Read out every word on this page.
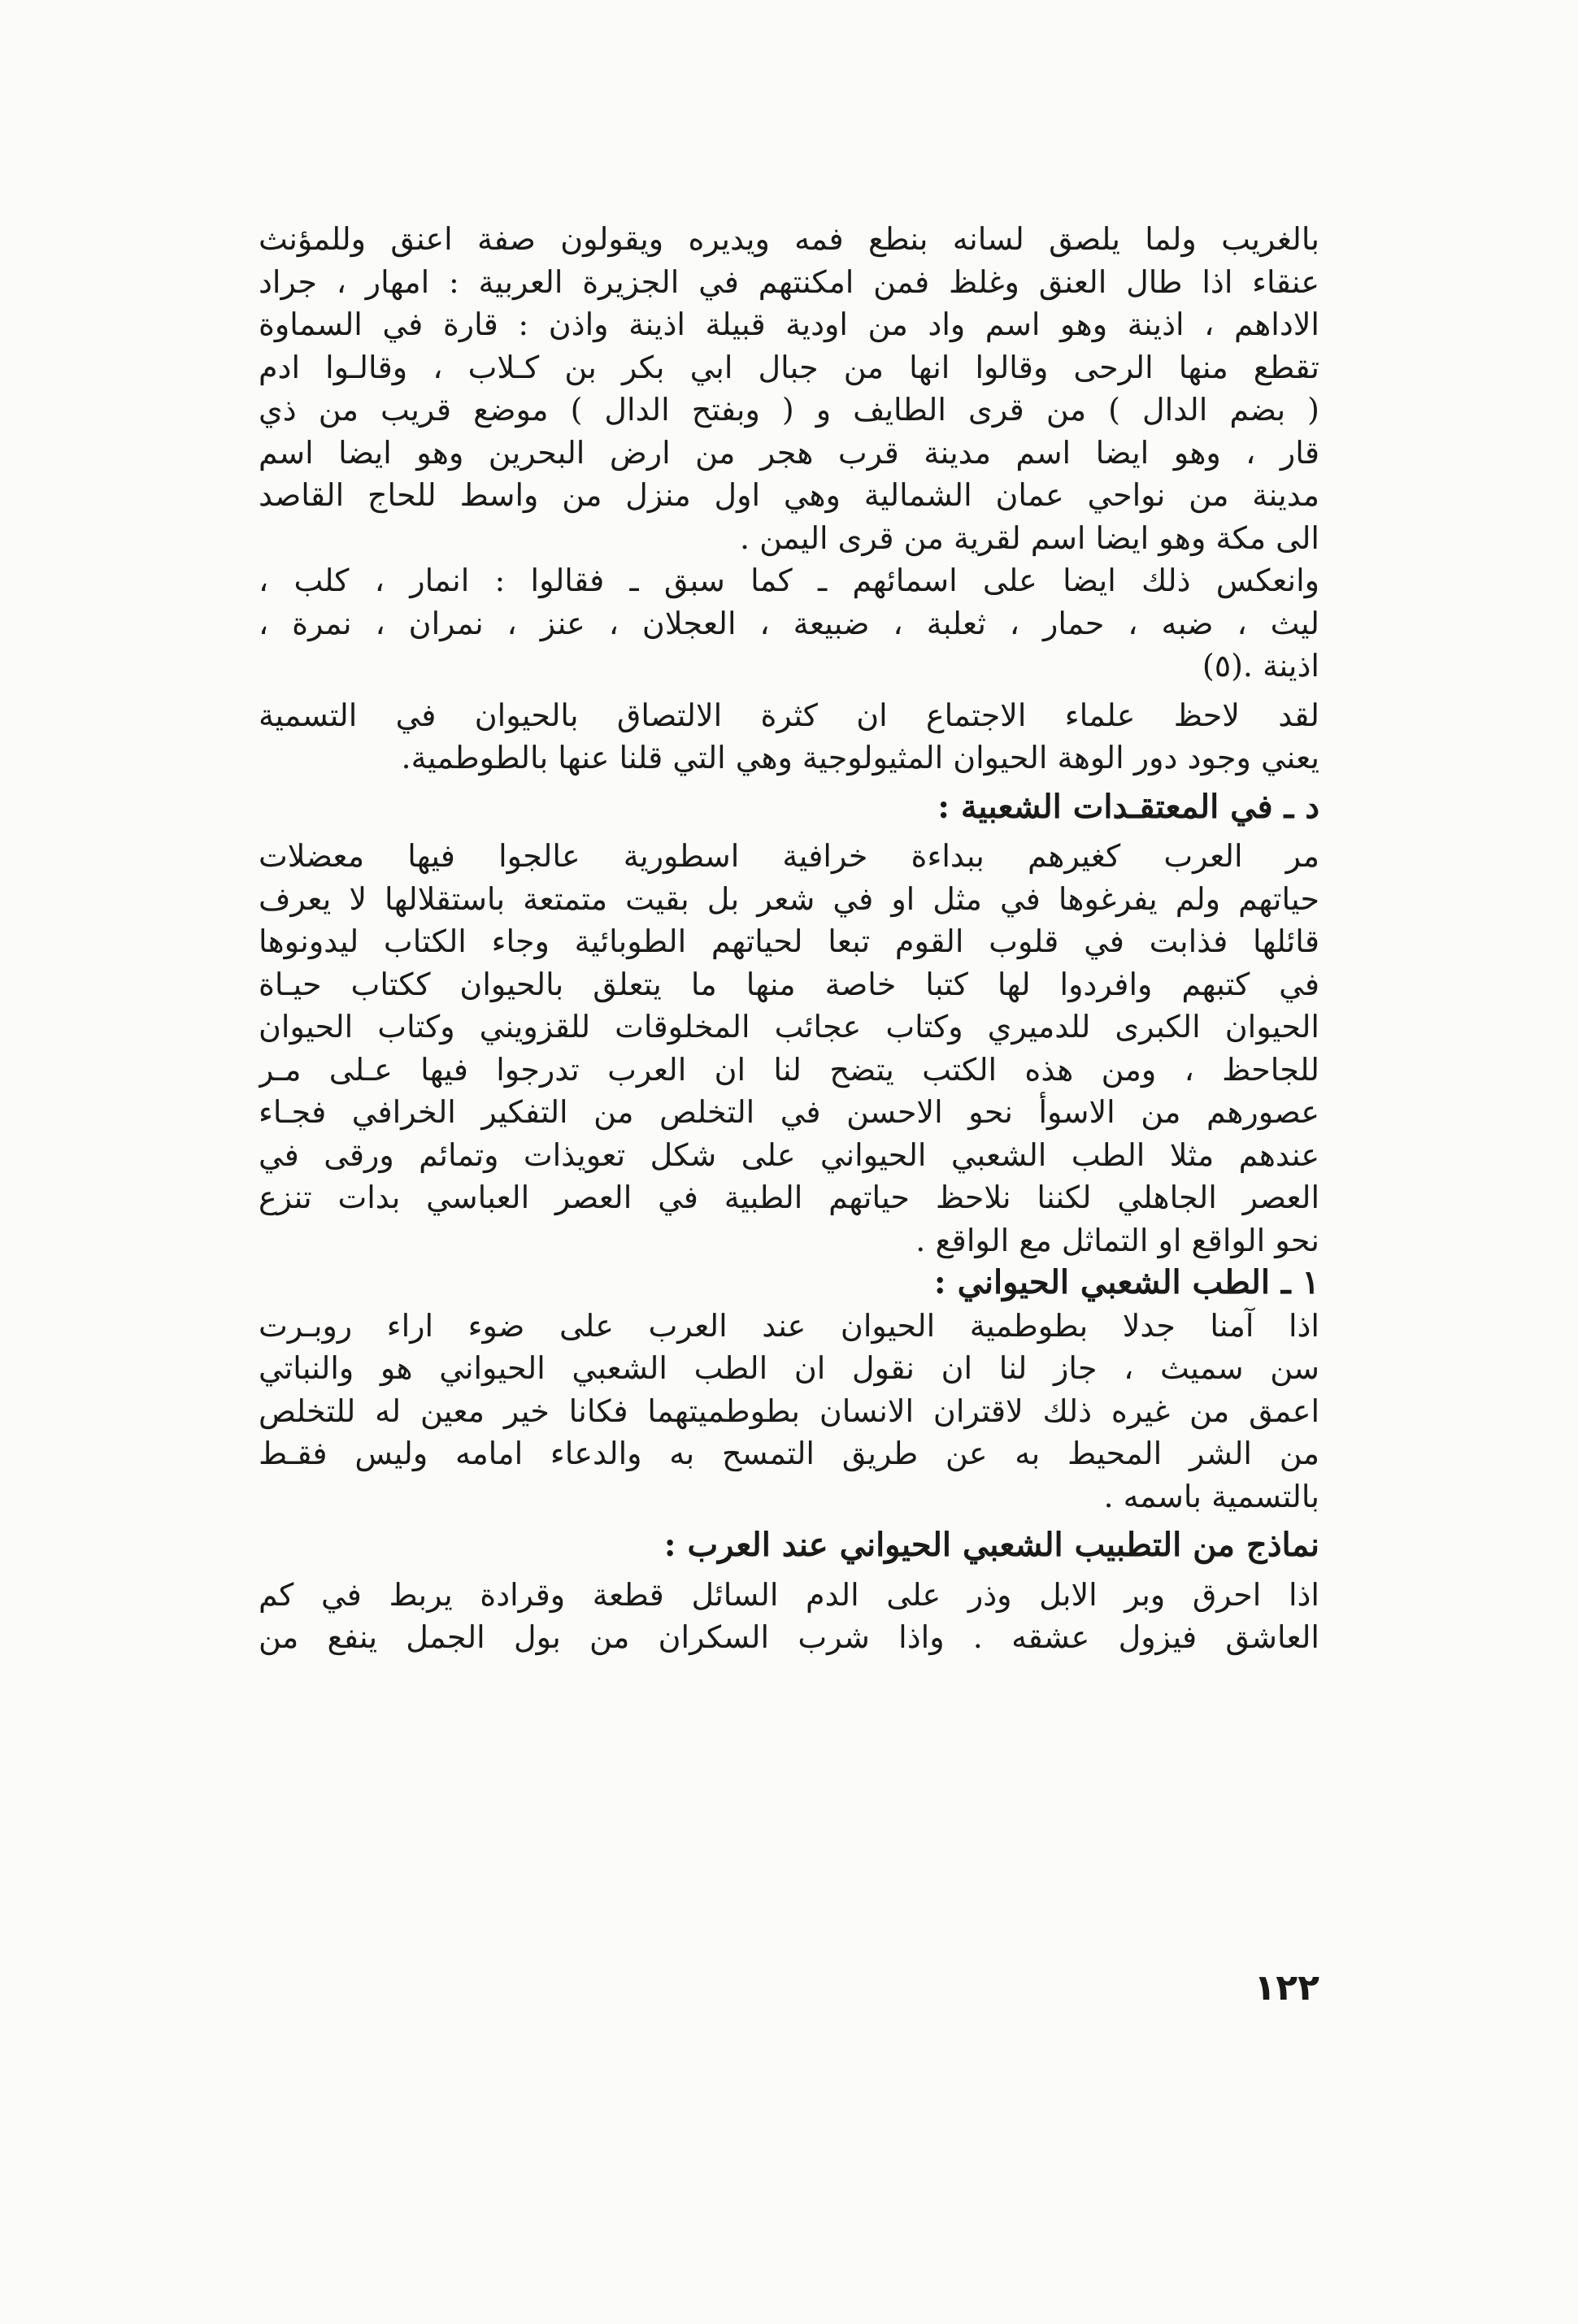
بالغريب ولما يلصق لسانه بنطع فمه ويديره ويقولون صفة اعنق وللمؤنث
عنقاء اذا طال العنق وغلظ فمن امكنتهم في الجزيرة العربية : امهار ، جراد
الاداهم ، اذينة وهو اسم واد من اودية قبيلة اذينة واذن : قارة في السماوة
تقطع منها الرحى وقالوا انها من جبال ابي بكر بن كـلاب ، وقالـوا ادم
( بضم الدال ) من قرى الطايف و ( وبفتح الدال ) موضع قريب من ذي
قار ، وهو ايضا اسم مدينة قرب هجر من ارض البحرين وهو ايضا اسم
مدينة من نواحي عمان الشمالية وهي اول منزل من واسط للحاج القاصد
الى مكة وهو ايضا اسم لقرية من قرى اليمن .
وانعكس ذلك ايضا على اسمائهم ـ كما سبق ـ فقالوا : انمار ، كلب ،
ليث ، ضبه ، حمار ، ثعلبة ، ضبيعة ، العجلان ، عنز ، نمران ، نمرة ،
اذينة .(٥)
لقد لاحظ علماء الاجتماع ان كثرة الالتصاق بالحيوان في التسمية
يعني وجود دور الوهة الحيوان المثيولوجية وهي التي قلنا عنها بالطوطمية.
د ـ في المعتقـدات الشعبية :
مر العرب كغيرهم ببداءة خرافية اسطورية عالجوا فيها معضلات
حياتهم ولم يفرغوها في مثل او في شعر بل بقيت متمتعة باستقلالها لا يعرف
قائلها فذابت في قلوب القوم تبعا لحياتهم الطوبائية وجاء الكتاب ليدونوها
في كتبهم وافردوا لها كتبا خاصة منها ما يتعلق بالحيوان ككتاب حيـاة
الحيوان الكبرى للدميري وكتاب عجائب المخلوقات للقزويني وكتاب الحيوان
للجاحظ ، ومن هذه الكتب يتضح لنا ان العرب تدرجوا فيها عـلى مـر
عصورهم من الاسوأ نحو الاحسن في التخلص من التفكير الخرافي فجـاء
عندهم مثلا الطب الشعبي الحيواني على شكل تعويذات وتمائم ورقى في
العصر الجاهلي لكننا نلاحظ حياتهم الطبية في العصر العباسي بدات تنزع
نحو الواقع او التماثل مع الواقع .
١ ـ الطب الشعبي الحيواني :
اذا آمنا جدلا بطوطمية الحيوان عند العرب على ضوء اراء روبـرت
سن سميث ، جاز لنا ان نقول ان الطب الشعبي الحيواني هو والنباتي
اعمق من غيره ذلك لاقتران الانسان بطوطميتهما فكانا خير معين له للتخلص
من الشر المحيط به عن طريق التمسح به والدعاء امامه وليس فقـط
بالتسمية باسمه .
نماذج من التطبيب الشعبي الحيواني عند العرب :
اذا احرق وبر الابل وذر على الدم السائل قطعة وقرادة يربط في كم
العاشق فيزول عشقه . واذا شرب السكران من بول الجمل ينفع من
١٢٢
